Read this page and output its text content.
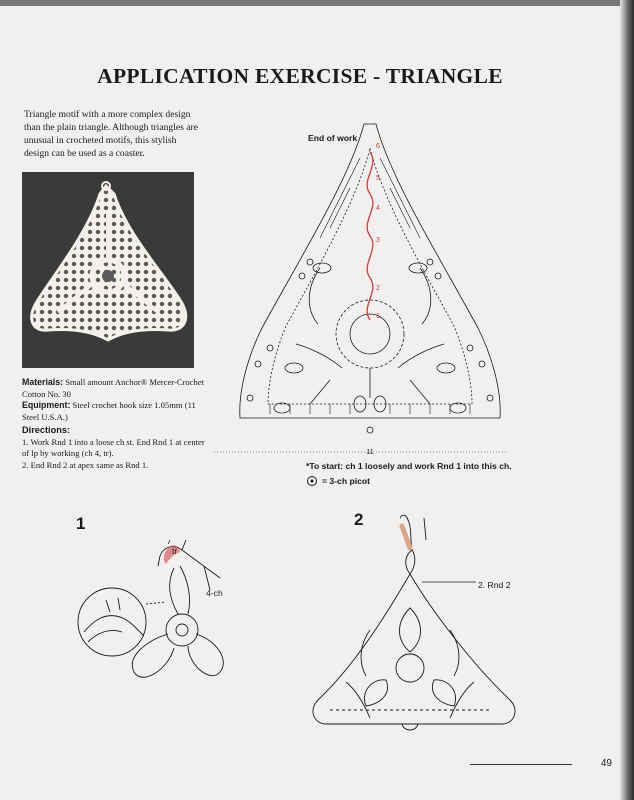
APPLICATION EXERCISE - TRIANGLE
Triangle motif with a more complex design than the plain triangle. Although triangles are unusual in crocheted motifs, this stylish design can be used as a coaster.

Materials: Small amount Anchor® Mercer-Crochet Cotton No. 30

Equipment: Steel crochet hook size 1.05mm (11 Steel U.S.A.)

Directions:

1. Work Rnd 1 into a loose ch st. End Rnd 1 at center of lp by working (ch 4, tr).

2. End Rnd 2 at apex same as Rnd 1.

6
5
4
3
2
1
11
End of work
*To start: ch 1 loosely and work Rnd 1 into this ch.
= 3-ch picot
1
tr
4-ch
2
2. Rnd 2
49
